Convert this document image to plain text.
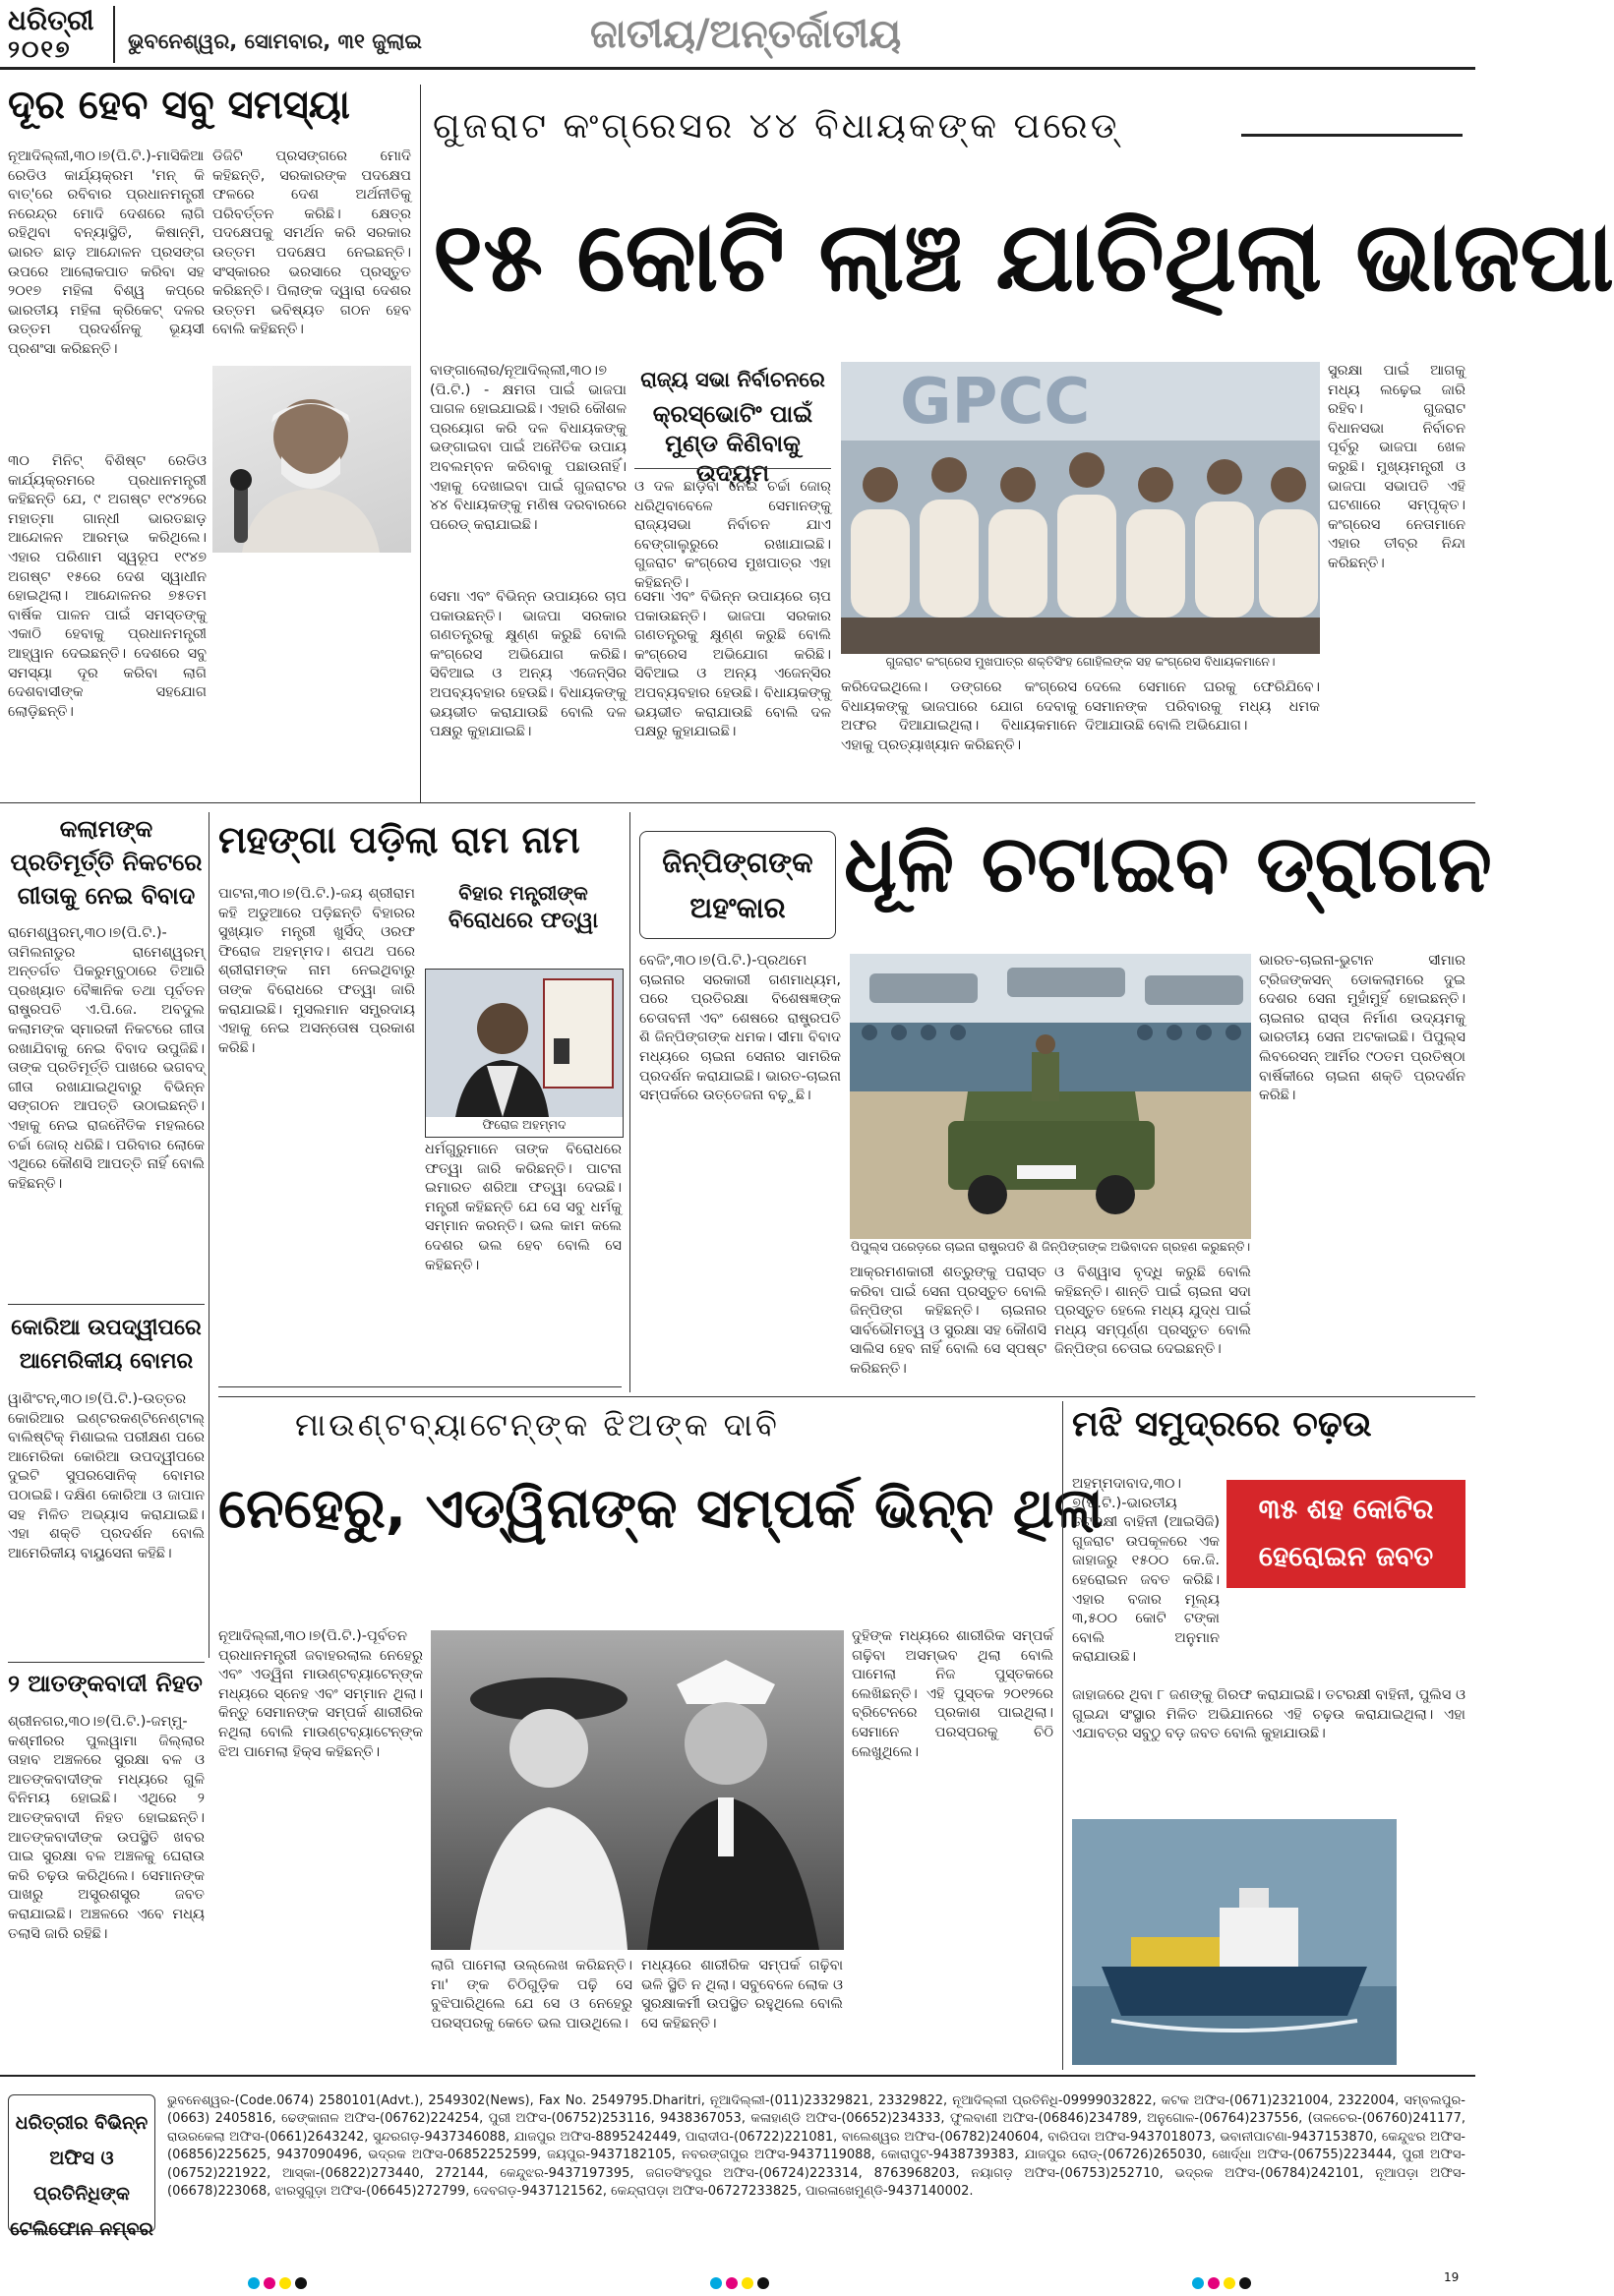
ଧରିତ୍ରୀ
୨୦୧୭	ଭୁବନେଶ୍ୱର, ସୋମବାର, ୩୧ ଜୁଲାଇ	ଜାତୀୟ/ଅନ୍ତର୍ଜାତୀୟ
ଦୂର ହେବ ସବୁ ସମସ୍ୟା
ନୂଆଦିଲ୍ଲୀ,୩୦।୭(ପି.ଟି.)-ମାସିକିଆ ରେଡିଓ କାର୍ଯ୍ୟକ୍ରମ 'ମନ୍ କି ବାତ୍'ରେ ରବିବାର ପ୍ରଧାନମନ୍ତ୍ରୀ ନରେନ୍ଦ୍ର ମୋଦି ଦେଶରେ ଲାଗି ରହିଥିବା ବନ୍ୟାସ୍ଥିତି, କିଷାନ୍ମି, ଭାରତ ଛାଡ଼ ଆନ୍ଦୋଳନ ପ୍ରସଙ୍ଗ ଉପରେ ଆଲୋକପାତ କରିବା ସହ ୨୦୧୭ ମହିଳା ବିଶ୍ୱ କପ୍‌ରେ ଭାରତୀୟ ମହିଳା କ୍ରିକେଟ୍ ଦଳର ଉତ୍ତମ ପ୍ରଦର୍ଶନକୁ ଭୂୟସୀ ପ୍ରଶଂସା କରିଛନ୍ତି।
ଡିଜିଟି ପ୍ରସଙ୍ଗରେ ମୋଦି କହିଛନ୍ତି, ସରକାରଙ୍କ ପଦକ୍ଷେପ ଫଳରେ ଦେଶ ଅର୍ଥନୀତିକୁ ପରିବର୍ତ୍ତନ କରିଛି। କ୍ଷେତ୍ର ପଦକ୍ଷେପକୁ ସମର୍ଥନ କରି ସରକାର ଉତ୍ତମ ପଦକ୍ଷେପ ନେଇଛନ୍ତି। ସଂସ୍କାରର ଭରସାରେ ପ୍ରସ୍ତୁତ କରିଛନ୍ତି। ପିଲାଙ୍କ ଦ୍ୱାରା ଦେଶର ଉତ୍ତମ ଭବିଷ୍ୟତ ଗଠନ ହେବ ବୋଲି କହିଛନ୍ତି।
୩୦ ମିନିଟ୍ ବିଶିଷ୍ଟ ରେଡିଓ କାର୍ଯ୍ୟକ୍ରମରେ ପ୍ରଧାନମନ୍ତ୍ରୀ କହିଛନ୍ତି ଯେ, ୯ ଅଗଷ୍ଟ ୧୯୪୨ରେ ମହାତ୍ମା ଗାନ୍ଧୀ ଭାରତଛାଡ଼ ଆନ୍ଦୋଳନ ଆରମ୍ଭ କରିଥିଲେ। ଏହାର ପରିଣାମ ସ୍ୱରୂପ ୧୯୪୭ ଅଗଷ୍ଟ ୧୫ରେ ଦେଶ ସ୍ୱାଧୀନ ହୋଇଥିଲା। ଆନ୍ଦୋଳନର ୭୫ତମ ବାର୍ଷିକ ପାଳନ ପାଇଁ ସମସ୍ତଙ୍କୁ ଏକାଠି ହେବାକୁ ପ୍ରଧାନମନ୍ତ୍ରୀ ଆହ୍ୱାନ ଦେଇଛନ୍ତି। ଦେଶରେ ସବୁ ସମସ୍ୟା ଦୂର କରିବା ଲାଗି ଦେଶବାସୀଙ୍କ ସହଯୋଗ ଲୋଡ଼ିଛନ୍ତି।
ଗୁଜରାଟ କଂଗ୍ରେସର ୪୪ ବିଧାୟକଙ୍କ ପରେଡ୍
୧୫ କୋଟି ଲାଞ୍ଚ ଯାଚିଥିଲା ଭାଜପା
ବାଙ୍ଗାଲୋର/ନୂଆଦିଲ୍ଲୀ,୩୦।୭ (ପି.ଟି.) - କ୍ଷମତା ପାଇଁ ଭାଜପା ପାଗଳ ହୋଇଯାଇଛି। ଏହାରି କୌଶଳ ପ୍ରୟୋଗ କରି ଦଳ ବିଧାୟକଙ୍କୁ ଭଙ୍ଗାଇବା ପାଇଁ ଅନୈତିକ ଉପାୟ ଅବଲମ୍ବନ କରିବାକୁ ପଛାଉନାହିଁ। ଏହାକୁ ଦେଖାଇବା ପାଇଁ ଗୁଜରାଟର ୪୪ ବିଧାୟକଙ୍କୁ ମଣିଷ ଦରବାରରେ ପରେଡ୍ କରାଯାଇଛି।
ସେମା ଏବଂ ବିଭିନ୍ନ ଉପାୟରେ ଚାପ ପକାଉଛନ୍ତି। ଭାଜପା ସରକାର ଗଣତନ୍ତ୍ରକୁ କ୍ଷୁଣ୍ଣ କରୁଛି ବୋଲି କଂଗ୍ରେସ ଅଭିଯୋଗ କରିଛି। ସିବିଆଇ ଓ ଅନ୍ୟ ଏଜେନ୍ସିର ଅପବ୍ୟବହାର ହେଉଛି। ବିଧାୟକଙ୍କୁ ଭୟଭୀତ କରାଯାଉଛି ବୋଲି ଦଳ ପକ୍ଷରୁ କୁହାଯାଇଛି।
ସେମା ଏବଂ ବିଭିନ୍ନ ଉପାୟରେ ଚାପ ପକାଉଛନ୍ତି। ଭାଜପା ସରକାର ଗଣତନ୍ତ୍ରକୁ କ୍ଷୁଣ୍ଣ କରୁଛି ବୋଲି କଂଗ୍ରେସ ଅଭିଯୋଗ କରିଛି। ସିବିଆଇ ଓ ଅନ୍ୟ ଏଜେନ୍ସିର ଅପବ୍ୟବହାର ହେଉଛି। ବିଧାୟକଙ୍କୁ ଭୟଭୀତ କରାଯାଉଛି ବୋଲି ଦଳ ପକ୍ଷରୁ କୁହାଯାଇଛି।
ରାଜ୍ୟ ସଭା ନିର୍ବାଚନରେ
କ୍ରସ୍‌ଭୋଟିଂ ପାଇଁ ମୁଣ୍ଡ କିଣିବାକୁ ଉଦ୍ୟମ
ଓ ଦଳ ଛାଡ଼ିବା ନେଇ ଚର୍ଚ୍ଚା ଜୋର୍ ଧରିଥିବାବେଳେ ସେମାନଙ୍କୁ ରାଜ୍ୟସଭା ନିର୍ବାଚନ ଯାଏ ବେଙ୍ଗାଲୁରୁରେ ରଖାଯାଇଛି। ଗୁଜରାଟ କଂଗ୍ରେସ ମୁଖପାତ୍ର ଏହା କହିଛନ୍ତି।
GPCC
ଗୁଜରାଟ କଂଗ୍ରେସ ମୁଖପାତ୍ର ଶକ୍ତିସିଂହ ଗୋହିଲଙ୍କ ସହ କଂଗ୍ରେସ ବିଧାୟକମାନେ।
କରିଦେଇଥିଲେ। ଡଙ୍ଗରେ କଂଗ୍ରେସ ବିଧାୟକଙ୍କୁ ଭାଜପାରେ ଯୋଗ ଦେବାକୁ ଅଫର ଦିଆଯାଇଥିଲା। ବିଧାୟକମାନେ ଏହାକୁ ପ୍ରତ୍ୟାଖ୍ୟାନ କରିଛନ୍ତି।
ଦେଲେ ସେମାନେ ଘରକୁ ଫେରିଯିବେ। ସେମାନଙ୍କ ପରିବାରକୁ ମଧ୍ୟ ଧମକ ଦିଆଯାଉଛି ବୋଲି ଅଭିଯୋଗ।
ସୁରକ୍ଷା ପାଇଁ ଆଗକୁ ମଧ୍ୟ ଲଢ଼େଇ ଜାରି ରହିବ। ଗୁଜରାଟ ବିଧାନସଭା ନିର୍ବାଚନ ପୂର୍ବରୁ ଭାଜପା ଖେଳ କରୁଛି। ମୁଖ୍ୟମନ୍ତ୍ରୀ ଓ ଭାଜପା ସଭାପତି ଏହି ଘଟଣାରେ ସମ୍ପୃକ୍ତ। କଂଗ୍ରେସ ନେତାମାନେ ଏହାର ତୀବ୍ର ନିନ୍ଦା କରିଛନ୍ତି।
କଲାମଙ୍କ ପ୍ରତିମୂର୍ତ୍ତି ନିକଟରେ ଗୀତାକୁ ନେଇ ବିବାଦ
ରାମେଶ୍ୱରମ୍,୩୦।୭(ପି.ଟି.)-ତାମିଲନାଡୁର ରାମେଶ୍ୱରମ୍ ଅନ୍ତର୍ଗତ ପିକରୁମ୍ବୁଠାରେ ତିଆରି ପ୍ରଖ୍ୟାତ ବୈଜ୍ଞାନିକ ତଥା ପୂର୍ବତନ ରାଷ୍ଟ୍ରପତି ଏ.ପି.ଜେ. ଅବଦୁଲ କଲାମଙ୍କ ସ୍ମାରକୀ ନିକଟରେ ଗୀତା ରଖାଯିବାକୁ ନେଇ ବିବାଦ ଉପୁଜିଛି। ତାଙ୍କ ପ୍ରତିମୂର୍ତ୍ତି ପାଖରେ ଭଗବଦ୍ ଗୀତା ରଖାଯାଇଥିବାରୁ ବିଭିନ୍ନ ସଙ୍ଗଠନ ଆପତ୍ତି ଉଠାଇଛନ୍ତି। ଏହାକୁ ନେଇ ରାଜନୈତିକ ମହଲରେ ଚର୍ଚ୍ଚା ଜୋର୍ ଧରିଛି। ପରିବାର ଲୋକେ ଏଥିରେ କୌଣସି ଆପତ୍ତି ନାହିଁ ବୋଲି କହିଛନ୍ତି।
କୋରିଆ ଉପଦ୍ୱୀପରେ ଆମେରିକୀୟ ବୋମର
ୱାଶିଂଟନ୍,୩୦।୭(ପି.ଟି.)-ଉତ୍ତର କୋରିଆର ଇଣ୍ଟରକଣ୍ଟିନେଣ୍ଟାଲ୍ ବାଲିଷ୍ଟିକ୍ ମିଶାଇଲ ପରୀକ୍ଷଣ ପରେ ଆମେରିକା କୋରିଆ ଉପଦ୍ୱୀପରେ ଦୁଇଟି ସୁପରସୋନିକ୍ ବୋମର ପଠାଇଛି। ଦକ୍ଷିଣ କୋରିଆ ଓ ଜାପାନ ସହ ମିଳିତ ଅଭ୍ୟାସ କରାଯାଇଛି। ଏହା ଶକ୍ତି ପ୍ରଦର୍ଶନ ବୋଲି ଆମେରିକୀୟ ବାୟୁସେନା କହିଛି।
ମହଙ୍ଗା ପଡ଼ିଲା ରାମ ନାମ
ପାଟନା,୩୦।୭(ପି.ଟି.)-ଜୟ ଶ୍ରୀରାମ କହି ଅଡୁଆରେ ପଡ଼ିଛନ୍ତି ବିହାରର ସୁଖ୍ୟାତ ମନ୍ତ୍ରୀ ଖୁର୍ସିଦ୍ ଓରଫ ଫିରୋଜ ଅହମ୍ମଦ। ଶପଥ ପରେ ଶ୍ରୀରାମଙ୍କ ନାମ ନେଇଥିବାରୁ ତାଙ୍କ ବିରୋଧରେ ଫତ୍‌ୱା ଜାରି କରାଯାଇଛି। ମୁସଲମାନ ସମ୍ପ୍ରଦାୟ ଏହାକୁ ନେଇ ଅସନ୍ତୋଷ ପ୍ରକାଶ କରିଛି।
ବିହାର ମନ୍ତ୍ରୀଙ୍କ
ବିରୋଧରେ ଫତ୍‌ୱା
ଫିରୋଜ ଅହମ୍ମଦ
ଧର୍ମଗୁରୁମାନେ ତାଙ୍କ ବିରୋଧରେ ଫତ୍‌ୱା ଜାରି କରିଛନ୍ତି। ପାଟନା ଇମାରତ ଶରିଆ ଫତ୍‌ୱା ଦେଇଛି। ମନ୍ତ୍ରୀ କହିଛନ୍ତି ଯେ ସେ ସବୁ ଧର୍ମକୁ ସମ୍ମାନ କରନ୍ତି। ଭଲ କାମ କଲେ ଦେଶର ଭଲ ହେବ ବୋଲି ସେ କହିଛନ୍ତି।
୨ ଆତଙ୍କବାଦୀ ନିହତ
ଶ୍ରୀନଗର,୩୦।୭(ପି.ଟି.)-ଜମ୍ମୁ-କଶ୍ମୀରର ପୁଲୱାମା ଜିଲ୍ଲାର ତାହାବ ଅଞ୍ଚଳରେ ସୁରକ୍ଷା ବଳ ଓ ଆତଙ୍କବାଦୀଙ୍କ ମଧ୍ୟରେ ଗୁଳି ବିନିମୟ ହୋଇଛି। ଏଥିରେ ୨ ଆତଙ୍କବାଦୀ ନିହତ ହୋଇଛନ୍ତି। ଆତଙ୍କବାଦୀଙ୍କ ଉପସ୍ଥିତି ଖବର ପାଇ ସୁରକ୍ଷା ବଳ ଅଞ୍ଚଳକୁ ଘେରାଉ କରି ଚଢ଼ଉ କରିଥିଲେ। ସେମାନଙ୍କ ପାଖରୁ ଅସ୍ତ୍ରଶସ୍ତ୍ର ଜବତ କରାଯାଇଛି। ଅଞ୍ଚଳରେ ଏବେ ମଧ୍ୟ ତଲାସି ଜାରି ରହିଛି।
ଜିନ୍‌ପିଙ୍ଗଙ୍କ ଅହଂକାର ଧୂଳି ଚଟାଇବ ଡ୍ରାଗନ
ବେଜିଂ,୩୦।୭(ପି.ଟି.)-ପ୍ରଥମେ ଚାଇନାର ସରକାରୀ ଗଣମାଧ୍ୟମ, ପରେ ପ୍ରତିରକ୍ଷା ବିଶେଷଜ୍ଞଙ୍କ ଚେତାବନୀ ଏବଂ ଶେଷରେ ରାଷ୍ଟ୍ରପତି ଶି ଜିନ୍‌ପିଙ୍ଗଙ୍କ ଧମକ। ସୀମା ବିବାଦ ମଧ୍ୟରେ ଚାଇନା ସେନାର ସାମରିକ ପ୍ରଦର୍ଶନ କରାଯାଇଛି। ଭାରତ-ଚାଇନା ସମ୍ପର୍କରେ ଉତ୍ତେଜନା ବଢ଼ୁଛି।
ପିପୁଲ୍ସ ପରେଡ଼ରେ ଚାଇନା ରାଷ୍ଟ୍ରପତି ଶି ଜିନ୍‌ପିଙ୍ଗଙ୍କ ଅଭିବାଦନ ଗ୍ରହଣ କରୁଛନ୍ତି।
ଭାରତ-ଚାଇନା-ଭୁଟାନ ସୀମାର ଟ୍ରିଜଙ୍କସନ୍ ଡୋକଲାମରେ ଦୁଇ ଦେଶର ସେନା ମୁହାଁମୁହିଁ ହୋଇଛନ୍ତି। ଚାଇନାର ରାସ୍ତା ନିର୍ମାଣ ଉଦ୍ୟମକୁ ଭାରତୀୟ ସେନା ଅଟକାଇଛି। ପିପୁଲ୍ସ ଲିବରେସନ୍ ଆର୍ମିର ୯୦ତମ ପ୍ରତିଷ୍ଠା ବାର୍ଷିକୀରେ ଚାଇନା ଶକ୍ତି ପ୍ରଦର୍ଶନ କରିଛି।
ଆକ୍ରମଣକାରୀ ଶତ୍ରୁଙ୍କୁ ପରାସ୍ତ କରିବା ପାଇଁ ସେନା ପ୍ରସ୍ତୁତ ବୋଲି ଜିନ୍‌ପିଙ୍ଗ କହିଛନ୍ତି। ଚାଇନାର ସାର୍ବଭୌମତ୍ୱ ଓ ସୁରକ୍ଷା ସହ କୌଣସି ସାଲିସ ହେବ ନାହିଁ ବୋଲି ସେ ସ୍ପଷ୍ଟ କରିଛନ୍ତି।
ଓ ବିଶ୍ୱାସ ବୃଦ୍ଧି କରୁଛି ବୋଲି କହିଛନ୍ତି। ଶାନ୍ତି ପାଇଁ ଚାଇନା ସଦା ପ୍ରସ୍ତୁତ ହେଲେ ମଧ୍ୟ ଯୁଦ୍ଧ ପାଇଁ ମଧ୍ୟ ସମ୍ପୂର୍ଣ୍ଣ ପ୍ରସ୍ତୁତ ବୋଲି ଜିନ୍‌ପିଙ୍ଗ ଚେତାଇ ଦେଇଛନ୍ତି।
ମାଉଣ୍ଟବ୍ୟାଟେନ୍‌ଙ୍କ ଝିଅଙ୍କ ଦାବି
ନେହେରୁ, ଏଡ୍‌ୱିନାଙ୍କ ସମ୍ପର୍କ ଭିନ୍ନ ଥିଲା
ନୂଆଦିଲ୍ଲୀ,୩୦।୭(ପି.ଟି.)-ପୂର୍ବତନ ପ୍ରଧାନମନ୍ତ୍ରୀ ଜବାହରଲାଲ ନେହେରୁ ଏବଂ ଏଡ୍‌ୱିନା ମାଉଣ୍ଟବ୍ୟାଟେନ୍‌ଙ୍କ ମଧ୍ୟରେ ସ୍ନେହ ଏବଂ ସମ୍ମାନ ଥିଲା। କିନ୍ତୁ ସେମାନଙ୍କ ସମ୍ପର୍କ ଶାରୀରିକ ନଥିଲା ବୋଲି ମାଉଣ୍ଟବ୍ୟାଟେନ୍‌ଙ୍କ ଝିଅ ପାମେଲା ହିକ୍‌ସ କହିଛନ୍ତି।
ଦୁହିଙ୍କ ମଧ୍ୟରେ ଶାରୀରିକ ସମ୍ପର୍କ ଗଢ଼ିବା ଅସମ୍ଭବ ଥିଲା ବୋଲି ପାମେଲା ନିଜ ପୁସ୍ତକରେ ଲେଖିଛନ୍ତି। ଏହି ପୁସ୍ତକ ୨୦୧୨ରେ ବ୍ରିଟେନରେ ପ୍ରକାଶ ପାଇଥିଲା। ସେମାନେ ପରସ୍ପରକୁ ଚିଠି ଲେଖୁଥିଲେ।
ଲାଗି ପାମେଲା ଉଲ୍ଲେଖ କରିଛନ୍ତି। ମା' ଙ୍କ ଚିଠିଗୁଡ଼ିକ ପଢ଼ି ସେ ବୁଝିପାରିଥିଲେ ଯେ ସେ ଓ ନେହେରୁ ପରସ୍ପରକୁ କେତେ ଭଲ ପାଉଥିଲେ।
ମଧ୍ୟରେ ଶାରୀରିକ ସମ୍ପର୍କ ଗଢ଼ିବା ଭଳି ସ୍ଥିତି ନ ଥିଲା। ସବୁବେଳେ ଲୋକ ଓ ସୁରକ୍ଷାକର୍ମୀ ଉପସ୍ଥିତ ରହୁଥିଲେ ବୋଲି ସେ କହିଛନ୍ତି।
ମଝି ସମୁଦ୍ରରେ ଚଢ଼ଉ
ଅହମ୍ମଦାବାଦ,୩୦।୭(ପି.ଟି.)-ଭାରତୀୟ ତଟରକ୍ଷୀ ବାହିନୀ (ଆଇସିଜି) ଗୁଜରାଟ ଉପକୂଳରେ ଏକ ଜାହାଜରୁ ୧୫୦୦ କେ.ଜି. ହେରୋଇନ ଜବତ କରିଛି। ଏହାର ବଜାର ମୂଲ୍ୟ ୩,୫୦୦ କୋଟି ଟଙ୍କା ବୋଲି ଅନୁମାନ କରାଯାଉଛି।
୩୫ ଶହ କୋଟିର ହେରୋଇନ ଜବତ
ଜାହାଜରେ ଥିବା ୮ ଜଣଙ୍କୁ ଗିରଫ କରାଯାଇଛି। ତଟରକ୍ଷୀ ବାହିନୀ, ପୁଲିସ ଓ ଗୁଇନ୍ଦା ସଂସ୍ଥାର ମିଳିତ ଅଭିଯାନରେ ଏହି ଚଢ଼ଉ କରାଯାଇଥିଲା। ଏହା ଏଯାବତ୍‌ର ସବୁଠୁ ବଡ଼ ଜବତ ବୋଲି କୁହାଯାଉଛି।
ଧରିତ୍ରୀର ବିଭିନ୍ନ ଅଫିସ ଓ ପ୍ରତିନିଧିଙ୍କ ଟେଲିଫୋନ ନମ୍ବର
ଭୁବନେଶ୍ୱର-(Code.0674) 2580101(Advt.), 2549302(News), Fax No. 2549795.Dharitri, ନୂଆଦିଲ୍ଲୀ-(011)23329821, 23329822, ନୂଆଦିଲ୍ଲୀ ପ୍ରତିନିଧି-09999032822, କଟକ ଅଫିସ-(0671)2321004, 2322004, ସମ୍ବଲପୁର-(0663) 2405816, ଢେଙ୍କାନାଳ ଅଫିସ-(06762)224254, ପୁରୀ ଅଫିସ-(06752)253116, 9438367053, କଳାହାଣ୍ଡି ଅଫିସ-(06652)234333, ଫୁଲବାଣୀ ଅଫିସ-(06846)234789, ଅନୁଗୋଳ-(06764)237556, (ତାଳଚେର-(06760)241177, ରାଉରକେଲା ଅଫିସ-(0661)2643242, ସୁନ୍ଦରଗଡ଼-9437346088, ଯାଜପୁର ଅଫିସ-8895242449, ପାରାଦୀପ-(06722)221081, ବାଲେଶ୍ୱର ଅଫିସ-(06782)240604, ବାରିପଦା ଅଫିସ-9437018073, ଭବାନୀପାଟଣା-9437153870, କେନ୍ଦୁଝର ଅଫିସ-(06856)225625, 9437090496, ଭଦ୍ରକ ଅଫିସ-06852252599, ଜୟପୁର-9437182105, ନବରଙ୍ଗପୁର ଅଫିସ-9437119088, କୋରାପୁଟ-9438739383, ଯାଜପୁର ରୋଡ୍-(06726)265030, ଖୋର୍ଦ୍ଧା ଅଫିସ-(06755)223444, ପୁରୀ ଅଫିସ-(06752)221922, ଆସ୍କା-(06822)273440, 272144, କେନ୍ଦୁଝର-9437197395, ଜଗତସିଂହପୁର ଅଫିସ-(06724)223314, 8763968203, ନୟାଗଡ଼ ଅଫିସ-(06753)252710, ଭଦ୍ରକ ଅଫିସ-(06784)242101, ନୂଆପଡ଼ା ଅଫିସ-(06678)223068, ଝାରସୁଗୁଡ଼ା ଅଫିସ-(06645)272799, ଦେବଗଡ଼-9437121562, କେନ୍ଦ୍ରାପଡ଼ା ଅଫିସ-06727233825, ପାରଳାଖେମୁଣ୍ଡି-9437140002.
19
